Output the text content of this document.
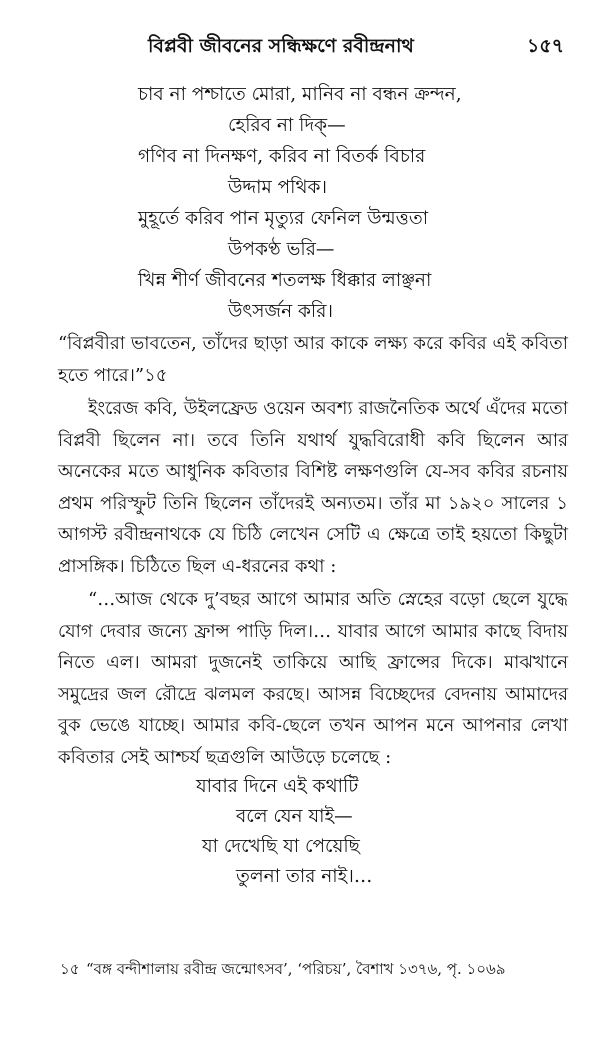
বিপ্লবী জীবনের সন্ধিক্ষণে রবীন্দ্রনাথ	১৫৭
চাব না পশ্চাতে মোরা, মানিব না বন্ধন ক্রন্দন,
হেরিব না দিক্‌—
গণিব না দিনক্ষণ, করিব না বিতর্ক বিচার
উদ্দাম পথিক।
মুহূর্তে করিব পান মৃত্যুর ফেনিল উন্মত্ততা
উপকণ্ঠ ভরি—
খিন্ন শীর্ণ জীবনের শতলক্ষ ধিক্কার লাঞ্ছনা
উৎসর্জন করি।

“বিপ্লবীরা ভাবতেন, তাঁদের ছাড়া আর কাকে লক্ষ্য করে কবির এই কবিতা হতে পারে।”১৫

ইংরেজ কবি, উইলফ্রেড ওয়েন অবশ্য রাজনৈতিক অর্থে এঁদের মতো বিপ্লবী ছিলেন না। তবে তিনি যথার্থ যুদ্ধবিরোধী কবি ছিলেন আর অনেকের মতে আধুনিক কবিতার বিশিষ্ট লক্ষণগুলি যে-সব কবির রচনায় প্রথম পরিস্ফুট তিনি ছিলেন তাঁদেরই অন্যতম। তাঁর মা ১৯২০ সালের ১ আগস্ট রবীন্দ্রনাথকে যে চিঠি লেখেন সেটি এ ক্ষেত্রে তাই হয়তো কিছুটা প্রাসঙ্গিক। চিঠিতে ছিল এ-ধরনের কথা :

“…আজ থেকে দু’বছর আগে আমার অতি স্নেহের বড়ো ছেলে যুদ্ধে যোগ দেবার জন্যে ফ্রান্স পাড়ি দিল।… যাবার আগে আমার কাছে বিদায় নিতে এল। আমরা দুজনেই তাকিয়ে আছি ফ্রান্সের দিকে। মাঝখানে সমুদ্রের জল রৌদ্রে ঝলমল করছে। আসন্ন বিচ্ছেদের বেদনায় আমাদের বুক ভেঙে যাচ্ছে। আমার কবি-ছেলে তখন আপন মনে আপনার লেখা কবিতার সেই আশ্চর্য ছত্রগুলি আউড়ে চলেছে :

যাবার দিনে এই কথাটি
বলে যেন যাই—
যা দেখেছি যা পেয়েছি
তুলনা তার নাই।…
১৫ “বঙ্গ বন্দীশালায় রবীন্দ্র জন্মোৎসব’, ‘পরিচয়’, বৈশাখ ১৩৭৬, পৃ. ১০৬৯
